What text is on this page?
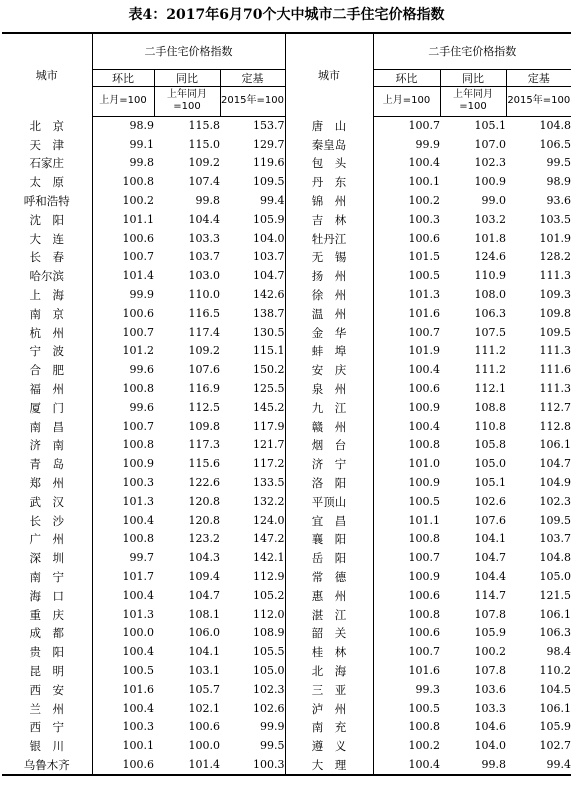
表4：2017年6月70个大中城市二手住宅价格指数
城市	二手住宅价格指数			城市	二手住宅价格指数		
	环比	同比	定基		环比	同比	定基
	上月=100	上年同月=100	2015年=100		上月=100	上年同月=100	2015年=100
北　京	98.9	115.8	153.7	唐　山	100.7	105.1	104.8
天　津	99.1	115.0	129.7	秦皇岛	99.9	107.0	106.5
石家庄	99.8	109.2	119.6	包　头	100.4	102.3	99.5
太　原	100.8	107.4	109.5	丹　东	100.1	100.9	98.9
呼和浩特	100.2	99.8	99.4	锦　州	100.2	99.0	93.6
沈　阳	101.1	104.4	105.9	吉　林	100.3	103.2	103.5
大　连	100.6	103.3	104.0	牡丹江	100.6	101.8	101.9
长　春	100.7	103.7	103.7	无　锡	101.5	124.6	128.2
哈尔滨	101.4	103.0	104.7	扬　州	100.5	110.9	111.3
上　海	99.9	110.0	142.6	徐　州	101.3	108.0	109.3
南　京	100.6	116.5	138.7	温　州	101.6	106.3	109.8
杭　州	100.7	117.4	130.5	金　华	100.7	107.5	109.5
宁　波	101.2	109.2	115.1	蚌　埠	101.9	111.2	111.3
合　肥	99.6	107.6	150.2	安　庆	100.4	111.2	111.6
福　州	100.8	116.9	125.5	泉　州	100.6	112.1	111.3
厦　门	99.6	112.5	145.2	九　江	100.9	108.8	112.7
南　昌	100.7	109.8	117.9	赣　州	100.4	110.8	112.8
济　南	100.8	117.3	121.7	烟　台	100.8	105.8	106.1
青　岛	100.9	115.6	117.2	济　宁	101.0	105.0	104.7
郑　州	100.3	122.6	133.5	洛　阳	100.9	105.1	104.9
武　汉	101.3	120.8	132.2	平顶山	100.5	102.6	102.3
长　沙	100.4	120.8	124.0	宜　昌	101.1	107.6	109.5
广　州	100.8	123.2	147.2	襄　阳	100.8	104.1	103.7
深　圳	99.7	104.3	142.1	岳　阳	100.7	104.7	104.8
南　宁	101.7	109.4	112.9	常　德	100.9	104.4	105.0
海　口	100.4	104.7	105.2	惠　州	100.6	114.7	121.5
重　庆	101.3	108.1	112.0	湛　江	100.8	107.8	106.1
成　都	100.0	106.0	108.9	韶　关	100.6	105.9	106.3
贵　阳	100.4	104.1	105.5	桂　林	100.7	100.2	98.4
昆　明	100.5	103.1	105.0	北　海	101.6	107.8	110.2
西　安	101.6	105.7	102.3	三　亚	99.3	103.6	104.5
兰　州	100.4	102.1	102.6	泸　州	100.5	103.3	106.1
西　宁	100.3	100.6	99.9	南　充	100.8	104.6	105.9
银　川	100.1	100.0	99.5	遵　义	100.2	104.0	102.7
乌鲁木齐	100.6	101.4	100.3	大　理	100.4	99.8	99.4
